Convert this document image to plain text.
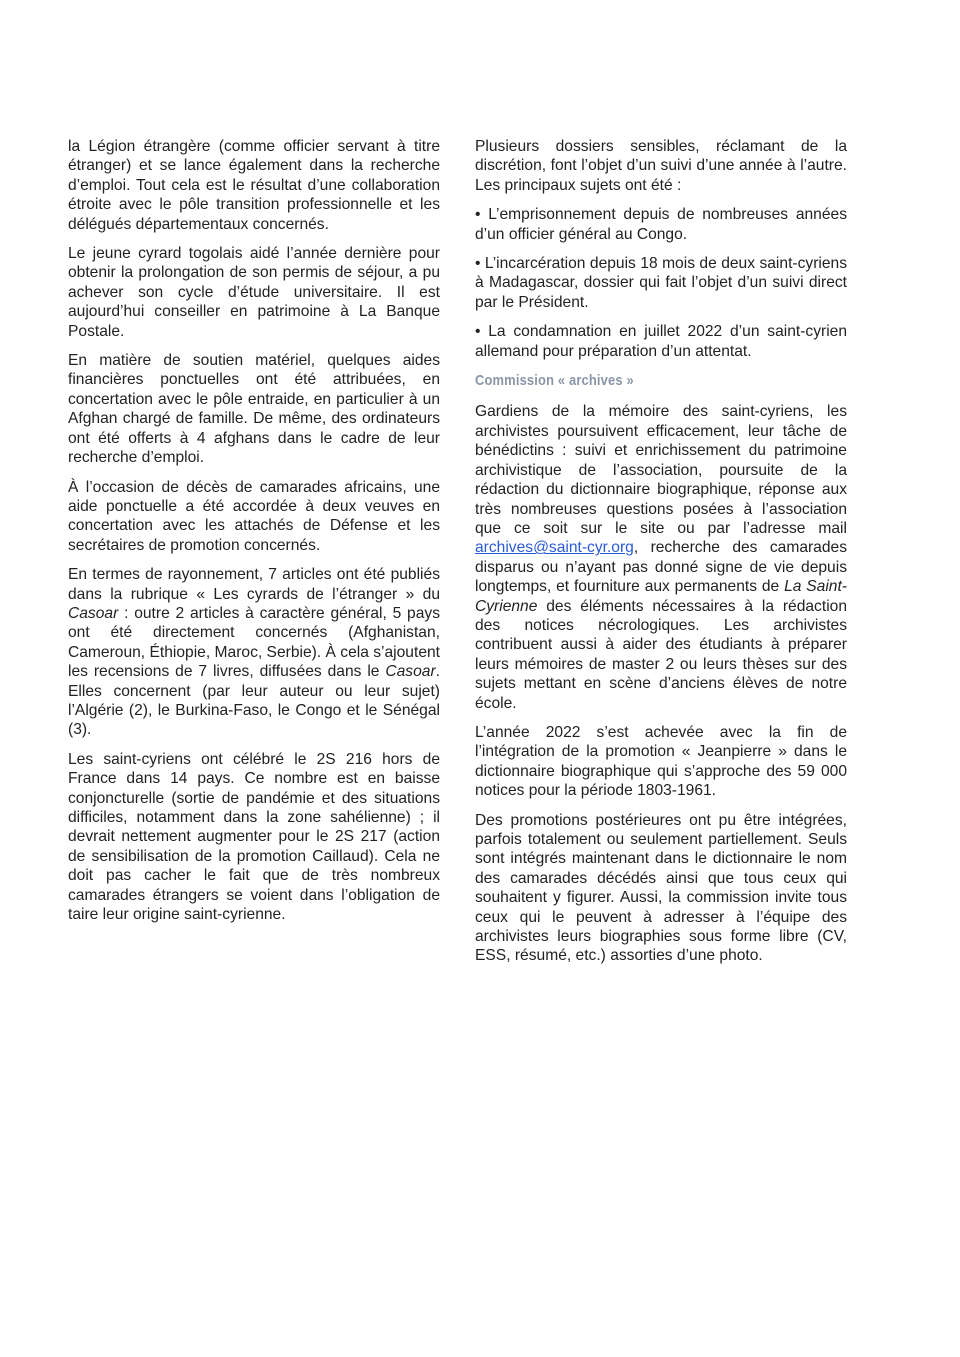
la Légion étrangère (comme officier servant à titre étranger) et se lance également dans la recherche d’emploi. Tout cela est le résultat d’une collaboration étroite avec le pôle transition professionnelle et les délégués départementaux concernés.

Le jeune cyrard togolais aidé l’année dernière pour obtenir la prolongation de son permis de séjour, a pu achever son cycle d’étude universitaire. Il est aujourd’hui conseiller en patrimoine à La Banque Postale.

En matière de soutien matériel, quelques aides financières ponctuelles ont été attribuées, en concertation avec le pôle entraide, en particulier à un Afghan chargé de famille. De même, des ordinateurs ont été offerts à 4 afghans dans le cadre de leur recherche d’emploi.

À l’occasion de décès de camarades africains, une aide ponctuelle a été accordée à deux veuves en concertation avec les attachés de Défense et les secrétaires de promotion concernés.

En termes de rayonnement, 7 articles ont été publiés dans la rubrique « Les cyrards de l’étranger » du Casoar : outre 2 articles à caractère général, 5 pays ont été directement concernés (Afghanistan, Cameroun, Éthiopie, Maroc, Serbie). À cela s’ajoutent les recensions de 7 livres, diffusées dans le Casoar. Elles concernent (par leur auteur ou leur sujet) l’Algérie (2), le Burkina-Faso, le Congo et le Sénégal (3).

Les saint-cyriens ont célébré le 2S 216 hors de France dans 14 pays. Ce nombre est en baisse conjoncturelle (sortie de pandémie et des situations difficiles, notamment dans la zone sahélienne) ; il devrait nettement augmenter pour le 2S 217 (action de sensibilisation de la promotion Caillaud). Cela ne doit pas cacher le fait que de très nombreux camarades étrangers se voient dans l’obligation de taire leur origine saint-cyrienne.

Plusieurs dossiers sensibles, réclamant de la discrétion, font l’objet d’un suivi d’une année à l’autre. Les principaux sujets ont été :

• L’emprisonnement depuis de nombreuses années d’un officier général au Congo.

• L’incarcération depuis 18 mois de deux saint-cyriens à Madagascar, dossier qui fait l’objet d’un suivi direct par le Président.

• La condamnation en juillet 2022 d’un saint-cyrien allemand pour préparation d’un attentat.

Commission « archives »

Gardiens de la mémoire des saint-cyriens, les archivistes poursuivent efficacement, leur tâche de bénédictins : suivi et enrichissement du patrimoine archivistique de l’association, poursuite de la rédaction du dictionnaire biographique, réponse aux très nombreuses questions posées à l’association que ce soit sur le site ou par l’adresse mail archives@saint-cyr.org, recherche des camarades disparus ou n’ayant pas donné signe de vie depuis longtemps, et fourniture aux permanents de La Saint-Cyrienne des éléments nécessaires à la rédaction des notices nécrologiques. Les archivistes contribuent aussi à aider des étudiants à préparer leurs mémoires de master 2 ou leurs thèses sur des sujets mettant en scène d’anciens élèves de notre école.

L’année 2022 s’est achevée avec la fin de l’intégration de la promotion « Jeanpierre » dans le dictionnaire biographique qui s’approche des 59 000 notices pour la période 1803-1961.

Des promotions postérieures ont pu être intégrées, parfois totalement ou seulement partiellement. Seuls sont intégrés maintenant dans le dictionnaire le nom des camarades décédés ainsi que tous ceux qui souhaitent y figurer. Aussi, la commission invite tous ceux qui le peuvent à adresser à l’équipe des archivistes leurs biographies sous forme libre (CV, ESS, résumé, etc.) assorties d’une photo.
